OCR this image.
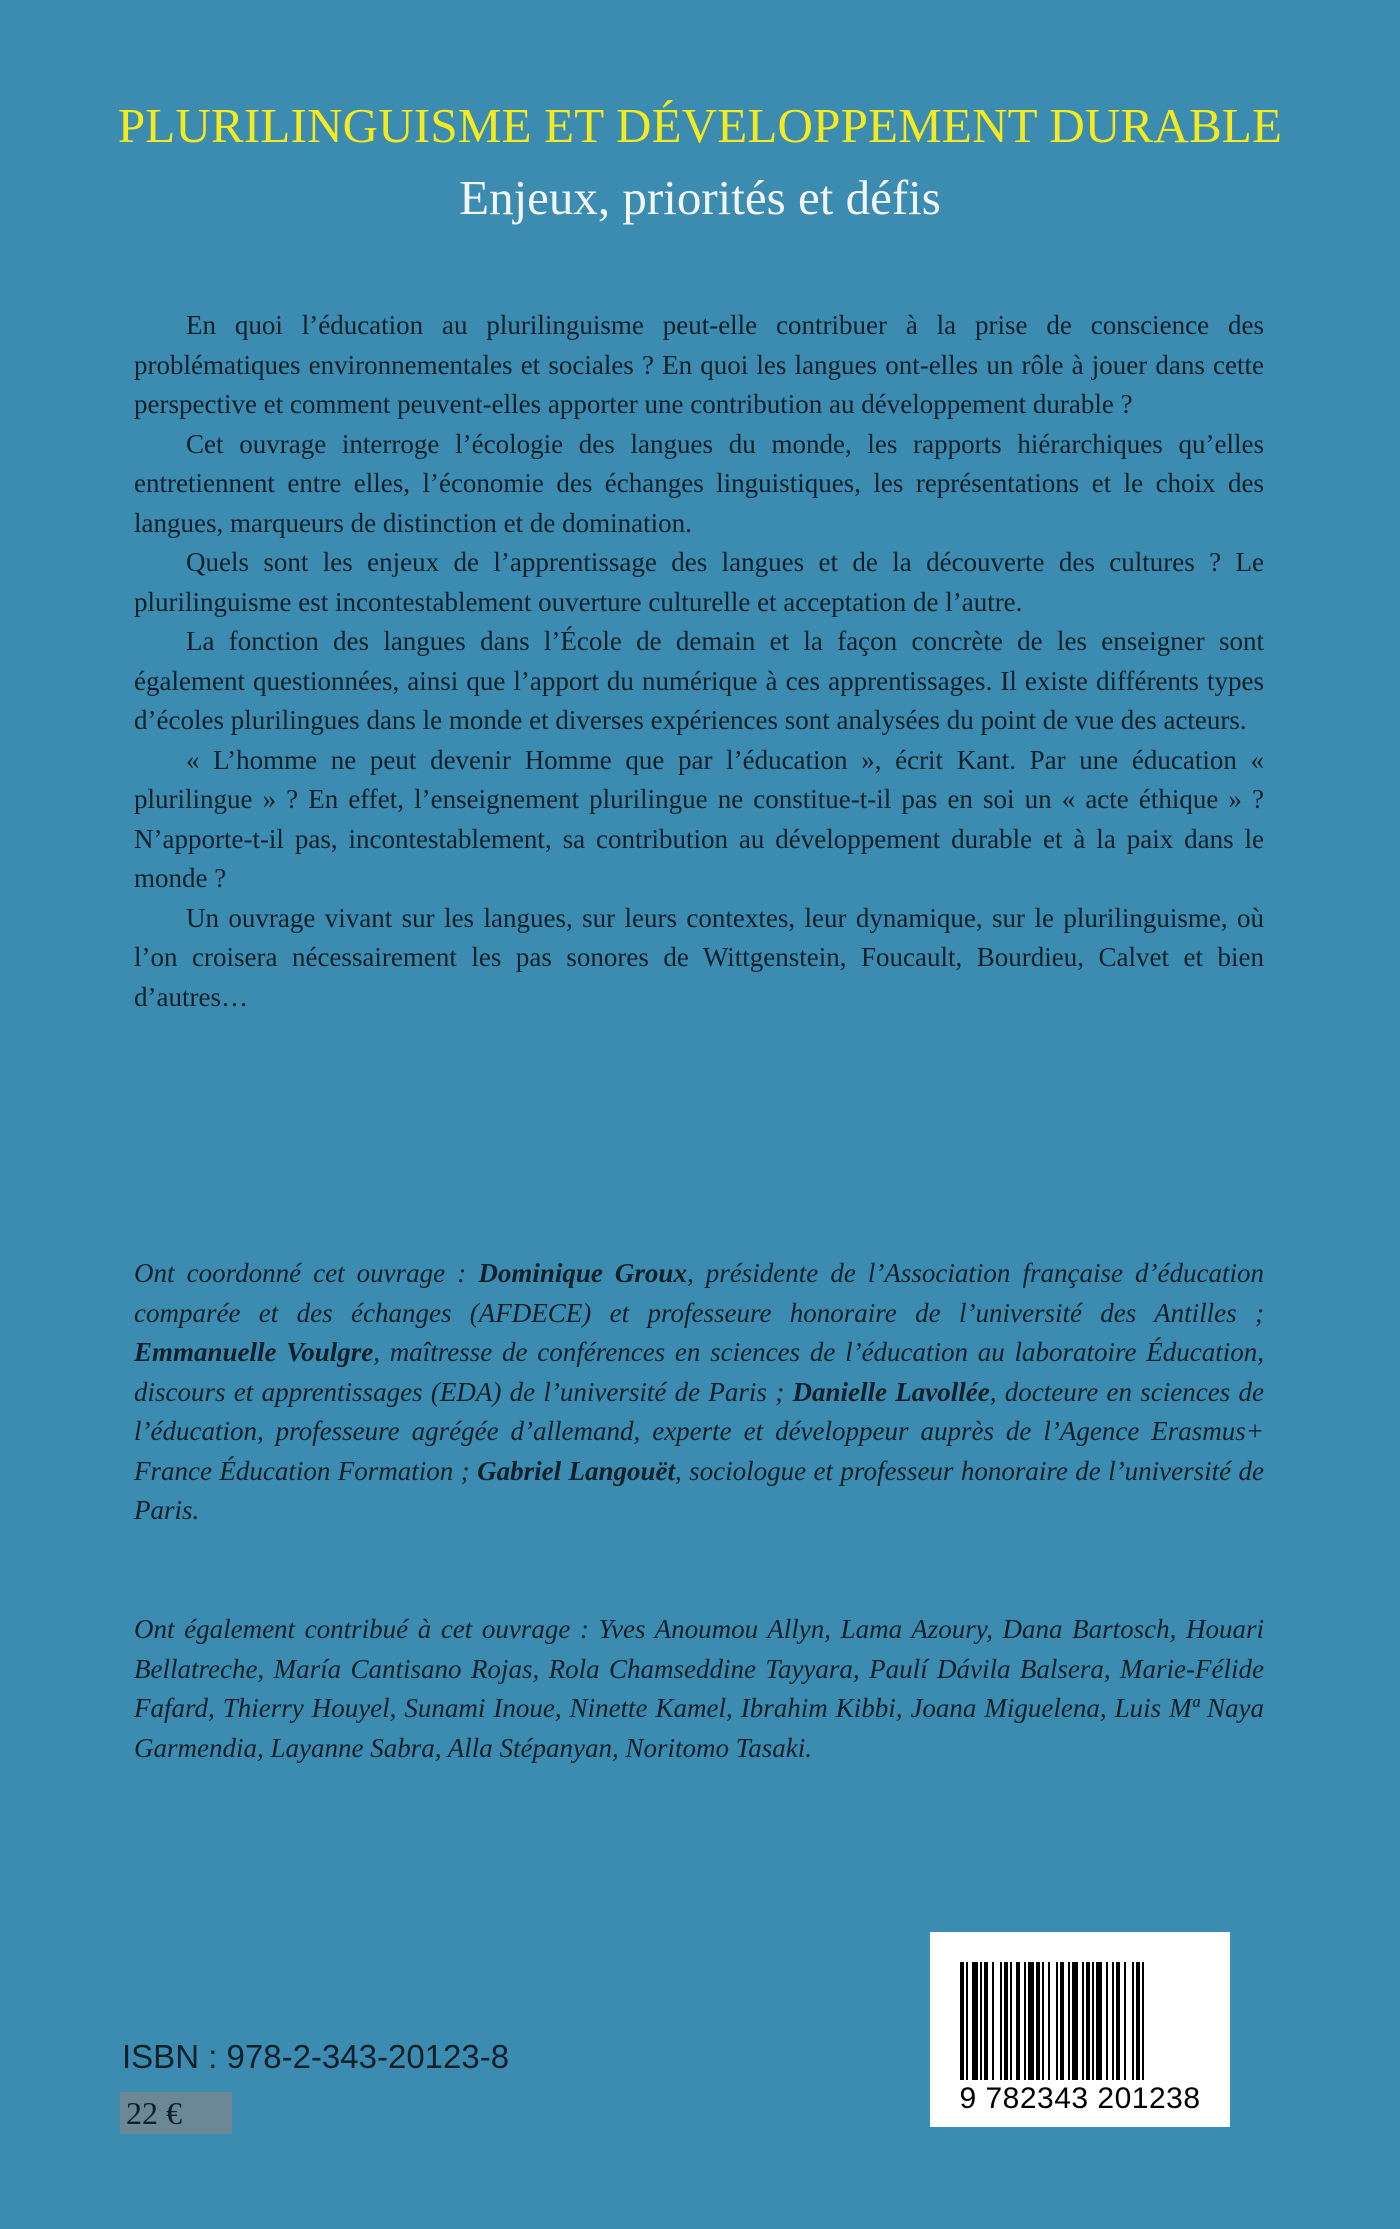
PLURILINGUISME ET DÉVELOPPEMENT DURABLE
Enjeux, priorités et défis

En quoi l’éducation au plurilinguisme peut-elle contribuer à la prise de conscience des problématiques environnementales et sociales ? En quoi les langues ont-elles un rôle à jouer dans cette perspective et comment peuvent-elles apporter une contribution au développement durable ?

Cet ouvrage interroge l’écologie des langues du monde, les rapports hiérarchiques qu’elles entretiennent entre elles, l’économie des échanges linguistiques, les représentations et le choix des langues, marqueurs de distinction et de domination.

Quels sont les enjeux de l’apprentissage des langues et de la découverte des cultures ? Le plurilinguisme est incontestablement ouverture culturelle et acceptation de l’autre.

La fonction des langues dans l’École de demain et la façon concrète de les enseigner sont également questionnées, ainsi que l’apport du numérique à ces apprentissages. Il existe différents types d’écoles plurilingues dans le monde et diverses expériences sont analysées du point de vue des acteurs.

« L’homme ne peut devenir Homme que par l’éducation », écrit Kant. Par une éducation « plurilingue » ? En effet, l’enseignement plurilingue ne constitue-t-il pas en soi un « acte éthique » ? N’apporte-t-il pas, incontestablement, sa contribution au développement durable et à la paix dans le monde ?

Un ouvrage vivant sur les langues, sur leurs contextes, leur dynamique, sur le plurilinguisme, où l’on croisera nécessairement les pas sonores de Wittgenstein, Foucault, Bourdieu, Calvet et bien d’autres…

Ont coordonné cet ouvrage : Dominique Groux, présidente de l’Association française d’éducation comparée et des échanges (AFDECE) et professeure honoraire de l’université des Antilles ; Emmanuelle Voulgre, maîtresse de conférences en sciences de l’éducation au laboratoire Éducation, discours et apprentissages (EDA) de l’université de Paris ; Danielle Lavollée, docteure en sciences de l’éducation, professeure agrégée d’allemand, experte et développeur auprès de l’Agence Erasmus+ France Éducation Formation ; Gabriel Langouët, sociologue et professeur honoraire de l’université de Paris.
Ont également contribué à cet ouvrage : Yves Anoumou Allyn, Lama Azoury, Dana Bartosch, Houari Bellatreche, María Cantisano Rojas, Rola Chamseddine Tayyara, Paulí Dávila Balsera, Marie-Félide Fafard, Thierry Houyel, Sunami Inoue, Ninette Kamel, Ibrahim Kibbi, Joana Miguelena, Luis Mª Naya Garmendia, Layanne Sabra, Alla Stépanyan, Noritomo Tasaki.
ISBN : 978-2-343-20123-8
22 €	9 782343 201238
